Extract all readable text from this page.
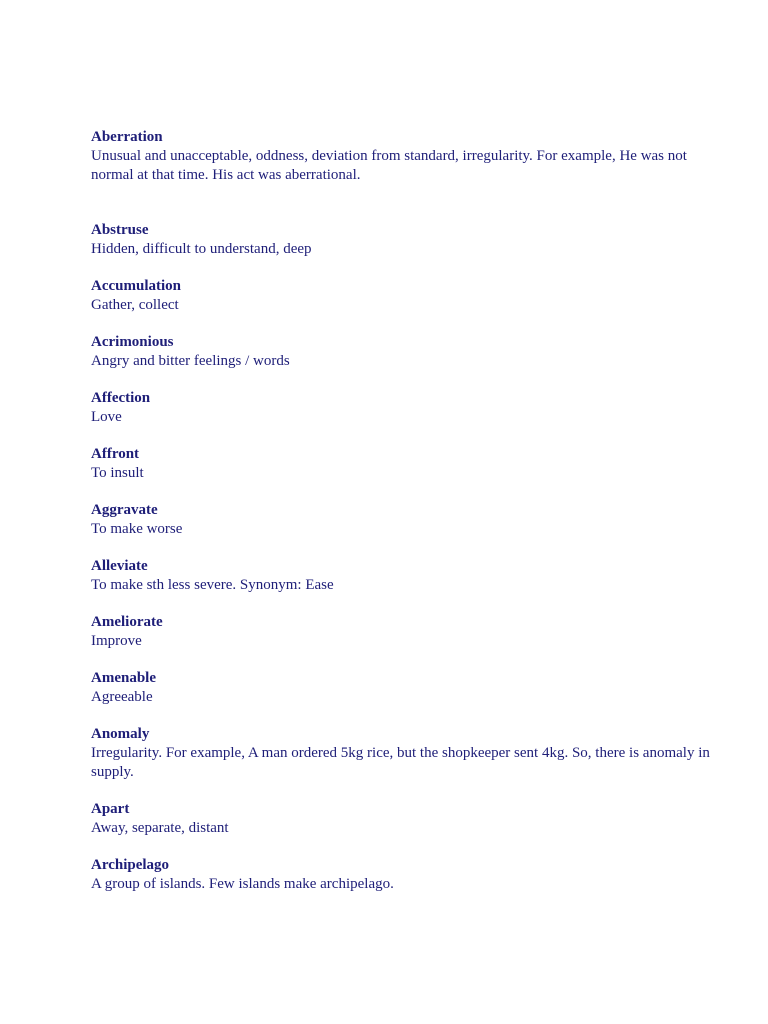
Aberration
Unusual and unacceptable, oddness, deviation from standard, irregularity. For example, He was not normal at that time. His act was aberrational.
Abstruse
Hidden, difficult to understand, deep
Accumulation
Gather, collect
Acrimonious
Angry and bitter feelings / words
Affection
Love
Affront
To insult
Aggravate
To make worse
Alleviate
To make sth less severe. Synonym: Ease
Ameliorate
Improve
Amenable
Agreeable
Anomaly
Irregularity. For example, A man ordered 5kg rice, but the shopkeeper sent 4kg. So, there is anomaly in supply.
Apart
Away, separate, distant
Archipelago
A group of islands. Few islands make archipelago.
